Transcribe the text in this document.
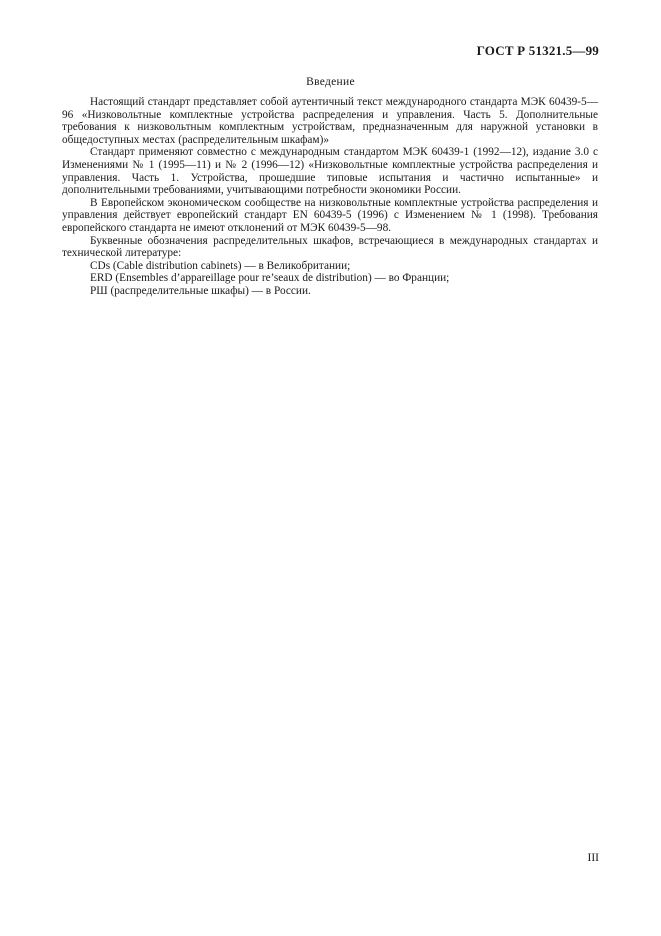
ГОСТ Р 51321.5—99
Введение

Настоящий стандарт представляет собой аутентичный текст международного стандарта МЭК 60439-5—96 «Низковольтные комплектные устройства распределения и управления. Часть 5. Дополнительные требования к низковольтным комплектным устройствам, предназначенным для наружной установки в общедоступных местах (распределительным шкафам)»

Стандарт применяют совместно с международным стандартом МЭК 60439-1 (1992—12), издание 3.0 с Изменениями № 1 (1995—11) и № 2 (1996—12) «Низковольтные комплектные устройства распределения и управления. Часть 1. Устройства, прошедшие типовые испытания и частично испытанные» и дополнительными требованиями, учитывающими потребности экономики России.

В Европейском экономическом сообществе на низковольтные комплектные устройства распределения и управления действует европейский стандарт EN 60439-5 (1996) с Изменением № 1 (1998). Требования европейского стандарта не имеют отклонений от МЭК 60439-5—98.

Буквенные обозначения распределительных шкафов, встречающиеся в международных стандартах и технической литературе:

CDs (Cable distribution cabinets) — в Великобритании;

ERD (Ensembles d’appareillage pour re’seaux de distribution) — во Франции;

РШ (распределительные шкафы) — в России.

III
